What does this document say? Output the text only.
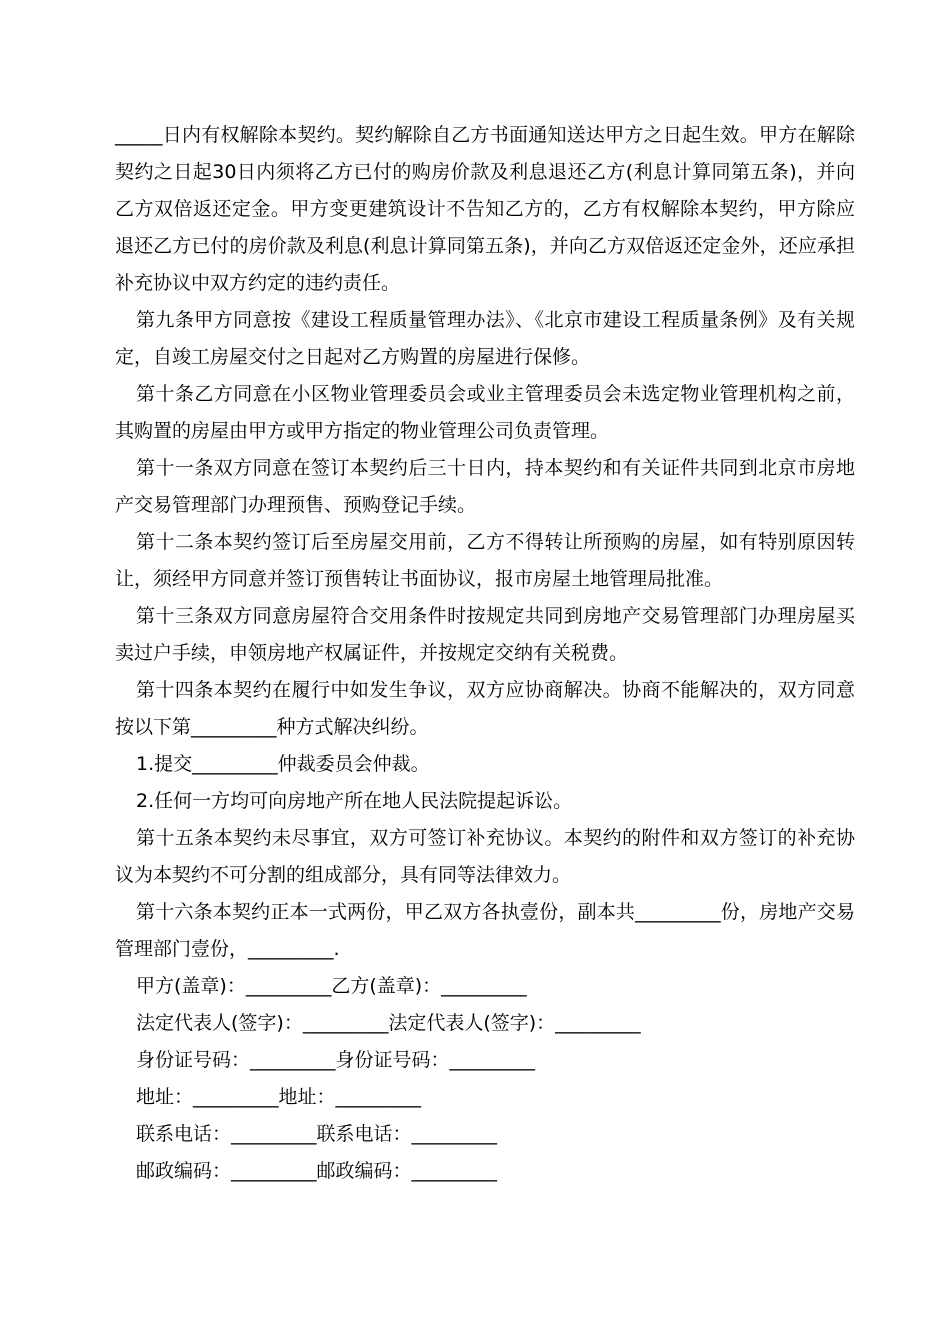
_____日内有权解除本契约。契约解除自乙方书面通知送达甲方之日起生效。甲方在解除契约之日起30日内须将乙方已付的购房价款及利息退还乙方(利息计算同第五条)，并向乙方双倍返还定金。甲方变更建筑设计不告知乙方的，乙方有权解除本契约，甲方除应退还乙方已付的房价款及利息(利息计算同第五条)，并向乙方双倍返还定金外，还应承担补充协议中双方约定的违约责任。

第九条甲方同意按《建设工程质量管理办法》、《北京市建设工程质量条例》及有关规定，自竣工房屋交付之日起对乙方购置的房屋进行保修。

第十条乙方同意在小区物业管理委员会或业主管理委员会未选定物业管理机构之前，其购置的房屋由甲方或甲方指定的物业管理公司负责管理。

第十一条双方同意在签订本契约后三十日内，持本契约和有关证件共同到北京市房地产交易管理部门办理预售、预购登记手续。

第十二条本契约签订后至房屋交用前，乙方不得转让所预购的房屋，如有特别原因转让，须经甲方同意并签订预售转让书面协议，报市房屋土地管理局批准。

第十三条双方同意房屋符合交用条件时按规定共同到房地产交易管理部门办理房屋买卖过户手续，申领房地产权属证件，并按规定交纳有关税费。

第十四条本契约在履行中如发生争议，双方应协商解决。协商不能解决的，双方同意按以下第_________种方式解决纠纷。

1.提交_________仲裁委员会仲裁。

2.任何一方均可向房地产所在地人民法院提起诉讼。

第十五条本契约未尽事宜，双方可签订补充协议。本契约的附件和双方签订的补充协议为本契约不可分割的组成部分，具有同等法律效力。

第十六条本契约正本一式两份，甲乙双方各执壹份，副本共_________份，房地产交易管理部门壹份，_________.

甲方(盖章)：_________乙方(盖章)：_________

法定代表人(签字)：_________法定代表人(签字)：_________

身份证号码：_________身份证号码：_________

地址：_________地址：_________

联系电话：_________联系电话：_________

邮政编码：_________邮政编码：_________
